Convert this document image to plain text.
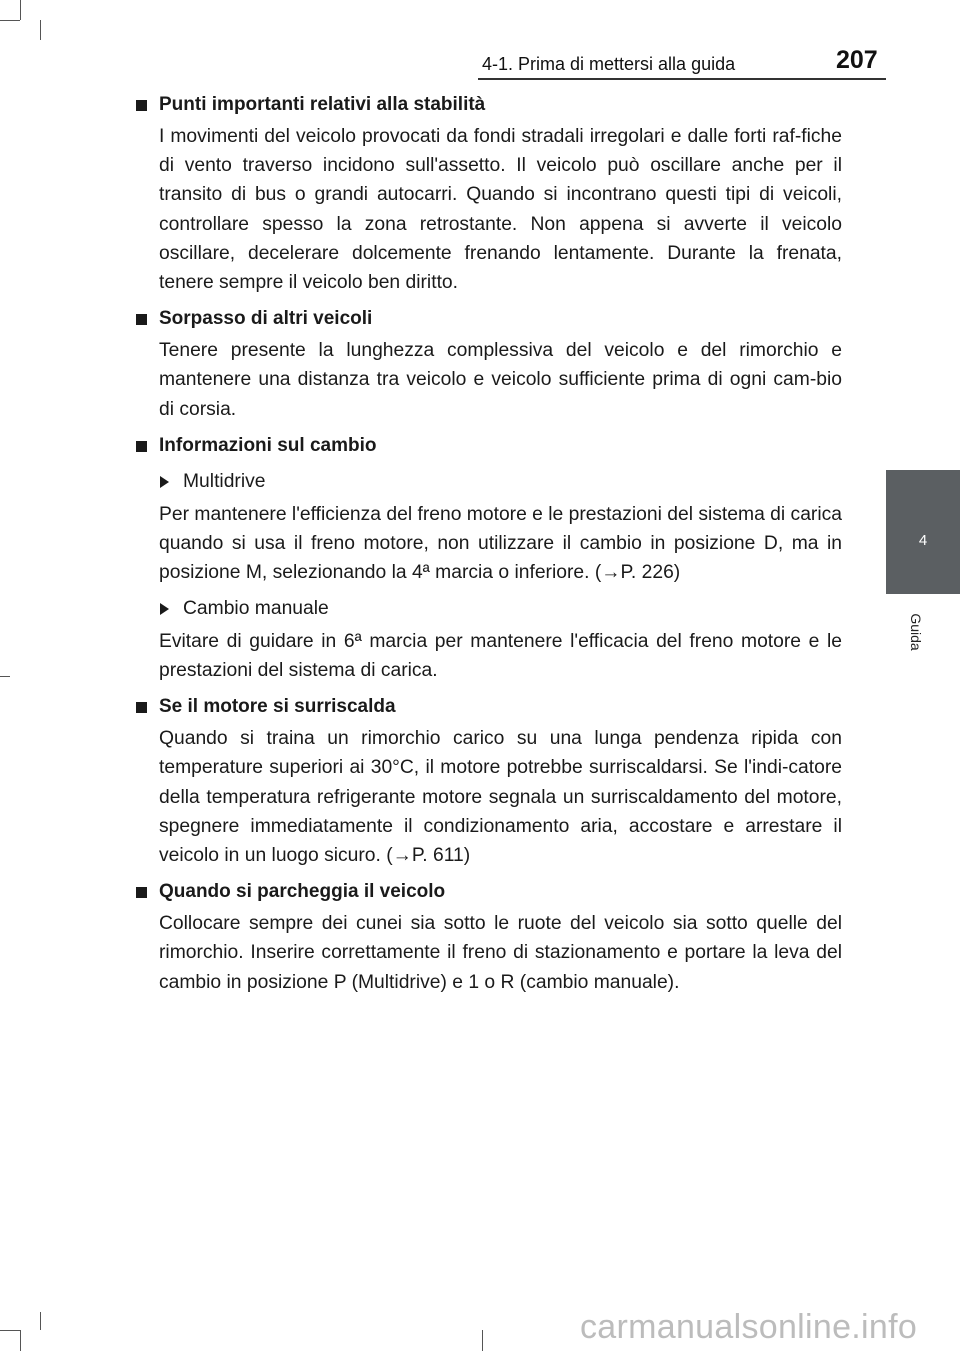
4-1. Prima di mettersi alla guida	207
4
Guida
Punti importanti relativi alla stabilità

I movimenti del veicolo provocati da fondi stradali irregolari e dalle forti raf-fiche di vento traverso incidono sull'assetto. Il veicolo può oscillare anche per il transito di bus o grandi autocarri. Quando si incontrano questi tipi di veicoli, controllare spesso la zona retrostante. Non appena si avverte il veicolo oscillare, decelerare dolcemente frenando lentamente. Durante la frenata, tenere sempre il veicolo ben diritto.

Sorpasso di altri veicoli

Tenere presente la lunghezza complessiva del veicolo e del rimorchio e mantenere una distanza tra veicolo e veicolo sufficiente prima di ogni cam-bio di corsia.

Informazioni sul cambio
Multidrive

Per mantenere l'efficienza del freno motore e le prestazioni del sistema di carica quando si usa il freno motore, non utilizzare il cambio in posizione D, ma in posizione M, selezionando la 4ª marcia o inferiore. (→P. 226)

Cambio manuale

Evitare di guidare in 6ª marcia per mantenere l'efficacia del freno motore e le prestazioni del sistema di carica.

Se il motore si surriscalda

Quando si traina un rimorchio carico su una lunga pendenza ripida con temperature superiori ai 30°C, il motore potrebbe surriscaldarsi. Se l'indi-catore della temperatura refrigerante motore segnala un surriscaldamento del motore, spegnere immediatamente il condizionamento aria, accostare e arrestare il veicolo in un luogo sicuro. (→P. 611)

Quando si parcheggia il veicolo

Collocare sempre dei cunei sia sotto le ruote del veicolo sia sotto quelle del rimorchio. Inserire correttamente il freno di stazionamento e portare la leva del cambio in posizione P (Multidrive) e 1 o R (cambio manuale).

carmanualsonline.info
